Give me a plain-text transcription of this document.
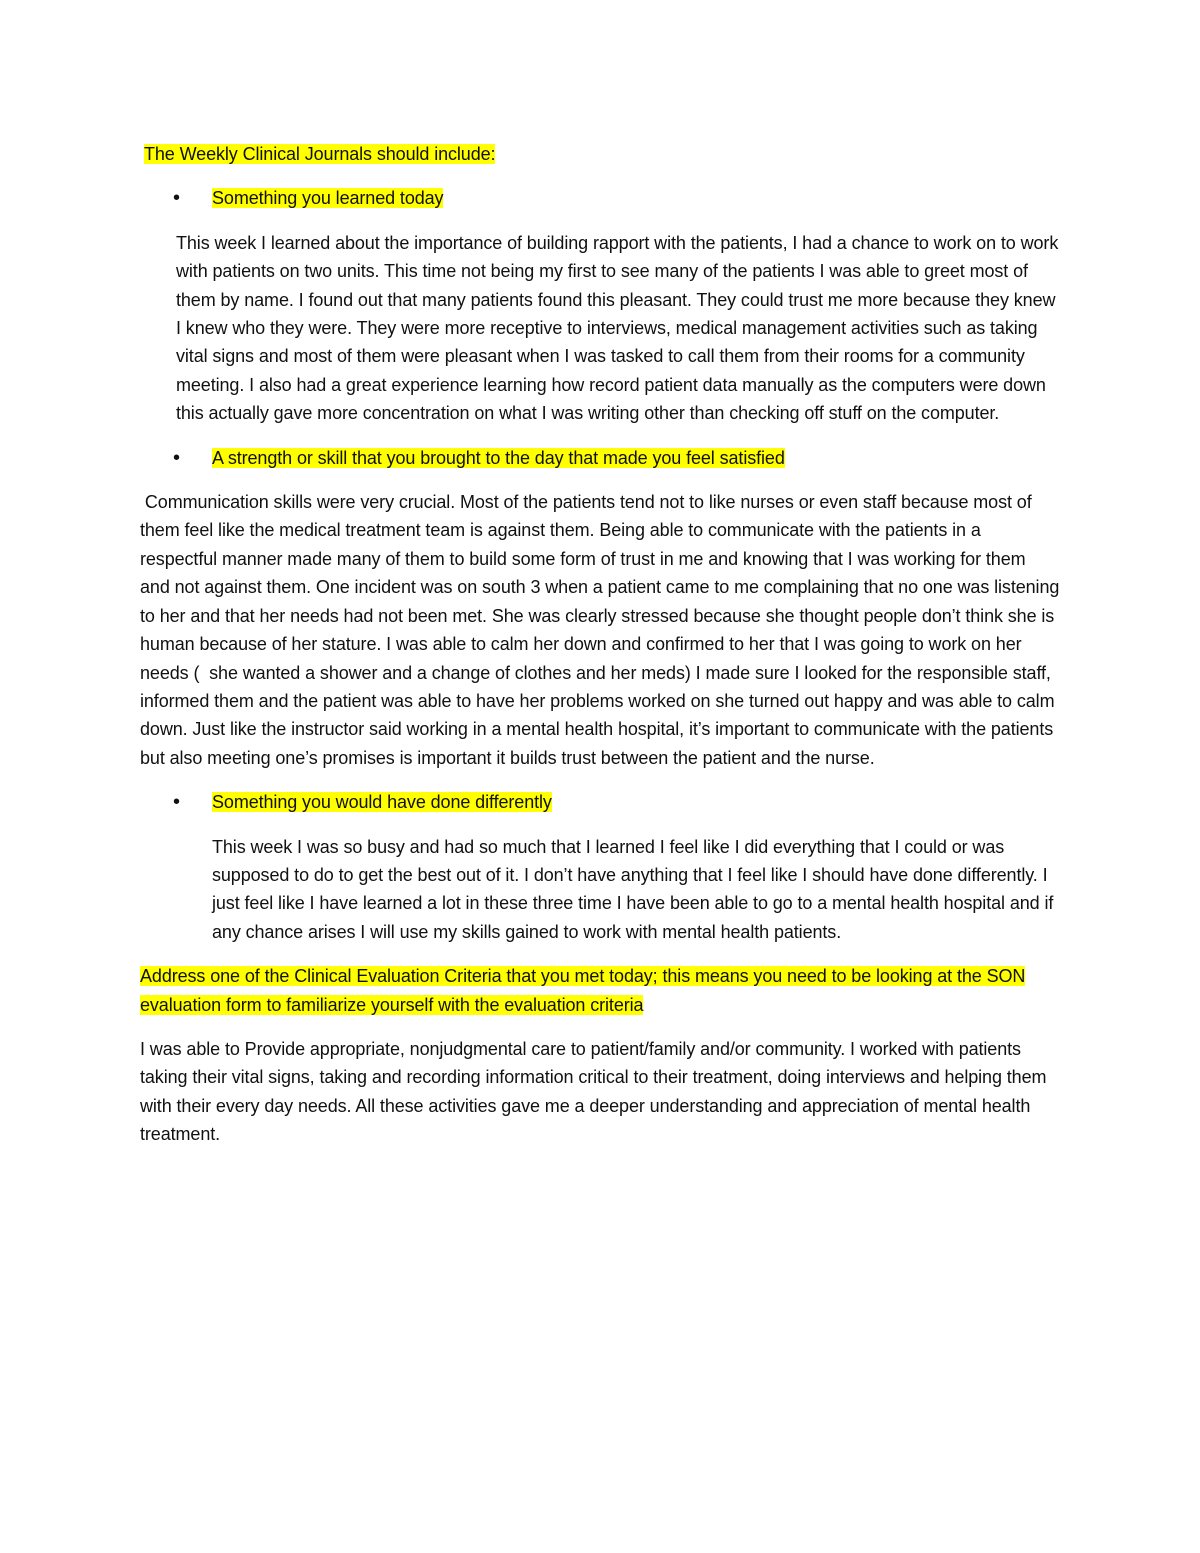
The Weekly Clinical Journals should include:

• Something you learned today

This week I learned about the importance of building rapport with the patients, I had a chance to work on to work with patients on two units. This time not being my first to see many of the patients I was able to greet most of them by name. I found out that many patients found this pleasant. They could trust me more because they knew I knew who they were. They were more receptive to interviews, medical management activities such as taking vital signs and most of them were pleasant when I was tasked to call them from their rooms for a community meeting. I also had a great experience learning how record patient data manually as the computers were down this actually gave more concentration on what I was writing other than checking off stuff on the computer.

• A strength or skill that you brought to the day that made you feel satisfied

Communication skills were very crucial. Most of the patients tend not to like nurses or even staff because most of them feel like the medical treatment team is against them. Being able to communicate with the patients in a respectful manner made many of them to build some form of trust in me and knowing that I was working for them and not against them. One incident was on south 3 when a patient came to me complaining that no one was listening to her and that her needs had not been met. She was clearly stressed because she thought people don’t think she is human because of her stature. I was able to calm her down and confirmed to her that I was going to work on her needs (  she wanted a shower and a change of clothes and her meds) I made sure I looked for the responsible staff, informed them and the patient was able to have her problems worked on she turned out happy and was able to calm down. Just like the instructor said working in a mental health hospital, it’s important to communicate with the patients but also meeting one’s promises is important it builds trust between the patient and the nurse.

• Something you would have done differently

This week I was so busy and had so much that I learned I feel like I did everything that I could or was supposed to do to get the best out of it. I don’t have anything that I feel like I should have done differently. I just feel like I have learned a lot in these three time I have been able to go to a mental health hospital and if any chance arises I will use my skills gained to work with mental health patients.

Address one of the Clinical Evaluation Criteria that you met today; this means you need to be looking at the SON evaluation form to familiarize yourself with the evaluation criteria

I was able to Provide appropriate, nonjudgmental care to patient/family and/or community. I worked with patients taking their vital signs, taking and recording information critical to their treatment, doing interviews and helping them with their every day needs. All these activities gave me a deeper understanding and appreciation of mental health treatment.
